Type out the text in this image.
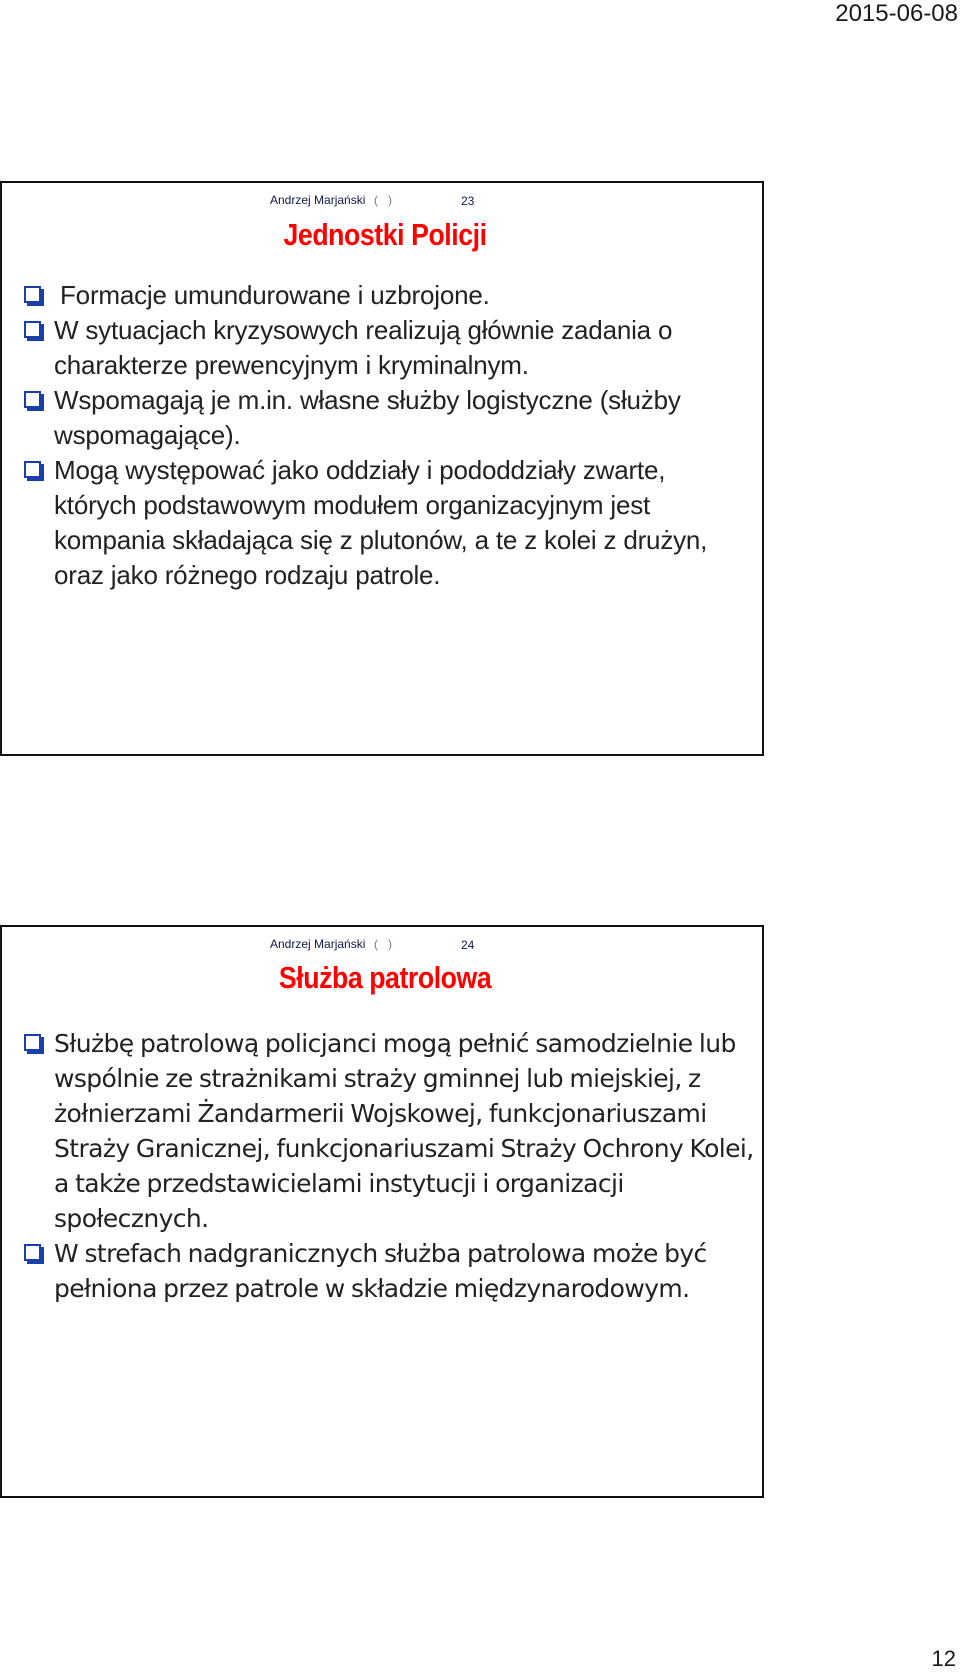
2015-06-08
Andrzej Marjański (   )	23
Jednostki Policji
Formacje umundurowane i uzbrojone.
W sytuacjach kryzysowych realizują głównie zadania o charakterze prewencyjnym i kryminalnym.
Wspomagają je m.in. własne służby logistyczne (służby wspomagające).
Mogą występować jako oddziały i pododdziały zwarte, których podstawowym modułem organizacyjnym jest kompania składająca się z plutonów, a te z kolei z drużyn, oraz jako różnego rodzaju patrole.
Andrzej Marjański (   )	24
Służba patrolowa
Służbę patrolową policjanci mogą pełnić samodzielnie lub wspólnie ze strażnikami straży gminnej lub miejskiej, z żołnierzami Żandarmerii Wojskowej, funkcjonariuszami Straży Granicznej, funkcjonariuszami Straży Ochrony Kolei, a także przedstawicielami instytucji i organizacji społecznych.
W strefach nadgranicznych służba patrolowa może być pełniona przez patrole w składzie międzynarodowym.
12
